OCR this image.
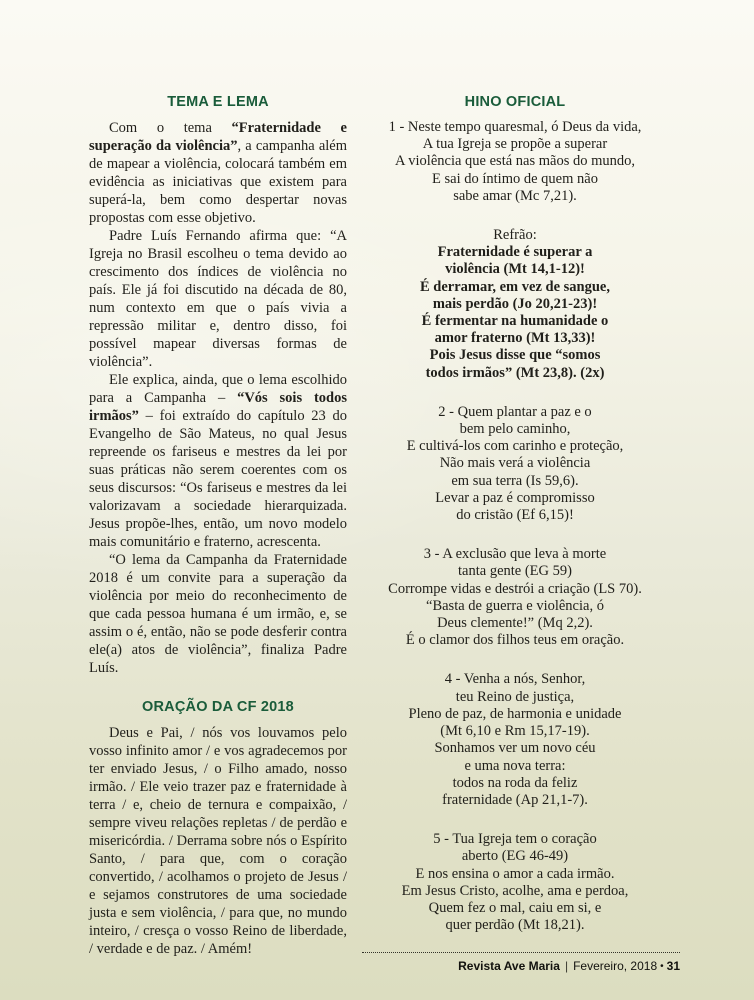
TEMA E LEMA

Com o tema “Fraternidade e superação da violência”, a campanha além de mapear a violência, colocará também em evidência as iniciativas que existem para superá-la, bem como despertar novas propostas com esse objetivo.

Padre Luís Fernando afirma que: “A Igreja no Brasil escolheu o tema devido ao crescimento dos índices de violência no país. Ele já foi discutido na década de 80, num contexto em que o país vivia a repressão militar e, dentro disso, foi possível mapear diversas formas de violência”.

Ele explica, ainda, que o lema escolhido para a Campanha – “Vós sois todos irmãos” – foi extraído do capítulo 23 do Evangelho de São Mateus, no qual Jesus repreende os fariseus e mestres da lei por suas práticas não serem coerentes com os seus discursos: “Os fariseus e mestres da lei valorizavam a sociedade hierarquizada. Jesus propõe-lhes, então, um novo modelo mais comunitário e fraterno, acrescenta.

“O lema da Campanha da Fraternidade 2018 é um convite para a superação da violência por meio do reconhecimento de que cada pessoa humana é um irmão, e, se assim o é, então, não se pode desferir contra ele(a) atos de violência”, finaliza Padre Luís.

ORAÇÃO DA CF 2018

Deus e Pai, / nós vos louvamos pelo vosso infinito amor / e vos agradecemos por ter enviado Jesus, / o Filho amado, nosso irmão. / Ele veio trazer paz e fraternidade à terra / e, cheio de ternura e compaixão, / sempre viveu relações repletas / de perdão e misericórdia. / Derrama sobre nós o Espírito Santo, / para que, com o coração convertido, / acolhamos o projeto de Jesus / e sejamos construtores de uma sociedade justa e sem violência, / para que, no mundo inteiro, / cresça o vosso Reino de liberdade, / verdade e de paz. / Amém!

HINO OFICIAL
1 - Neste tempo quaresmal, ó Deus da vida,
A tua Igreja se propõe a superar
A violência que está nas mãos do mundo,
E sai do íntimo de quem não
sabe amar (Mc 7,21).
Refrão:
Fraternidade é superar a
violência (Mt 14,1-12)!
É derramar, em vez de sangue,
mais perdão (Jo 20,21-23)!
É fermentar na humanidade o
amor fraterno (Mt 13,33)!
Pois Jesus disse que “somos
todos irmãos” (Mt 23,8). (2x)
2 - Quem plantar a paz e o
bem pelo caminho,
E cultivá-los com carinho e proteção,
Não mais verá a violência
em sua terra (Is 59,6).
Levar a paz é compromisso
do cristão (Ef 6,15)!
3 - A exclusão que leva à morte
tanta gente (EG 59)
Corrompe vidas e destrói a criação (LS 70).
“Basta de guerra e violência, ó
Deus clemente!” (Mq 2,2).
É o clamor dos filhos teus em oração.
4 - Venha a nós, Senhor,
teu Reino de justiça,
Pleno de paz, de harmonia e unidade
(Mt 6,10 e Rm 15,17-19).
Sonhamos ver um novo céu
e uma nova terra:
todos na roda da feliz
fraternidade (Ap 21,1-7).
5 - Tua Igreja tem o coração
aberto (EG 46-49)
E nos ensina o amor a cada irmão.
Em Jesus Cristo, acolhe, ama e perdoa,
Quem fez o mal, caiu em si, e
quer perdão (Mt 18,21).
Revista Ave Maria | Fevereiro, 2018 • 31
